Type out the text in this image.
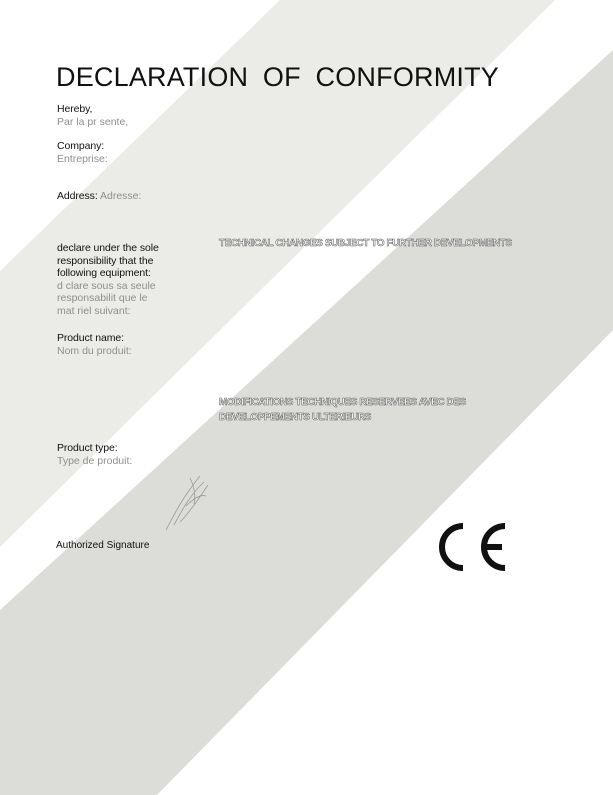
DECLARATION OF CONFORMITY
Hereby,
Par la pr sente,
Company:
Entreprise:
Address: Adresse:
declare under the sole
responsibility that the
following equipment:
d clare sous sa seule
responsabilit que le
mat riel suivant:
Product name:
Nom du produit:
Product type:
Type de produit:
TECHNICAL CHANGES SUBJECT TO FURTHER DEVELOPMENTS
MODIFICATIONS TECHNIQUES RESERVEES AVEC DES
DEVELOPPEMENTS ULTERIEURS
Authorized Signature
